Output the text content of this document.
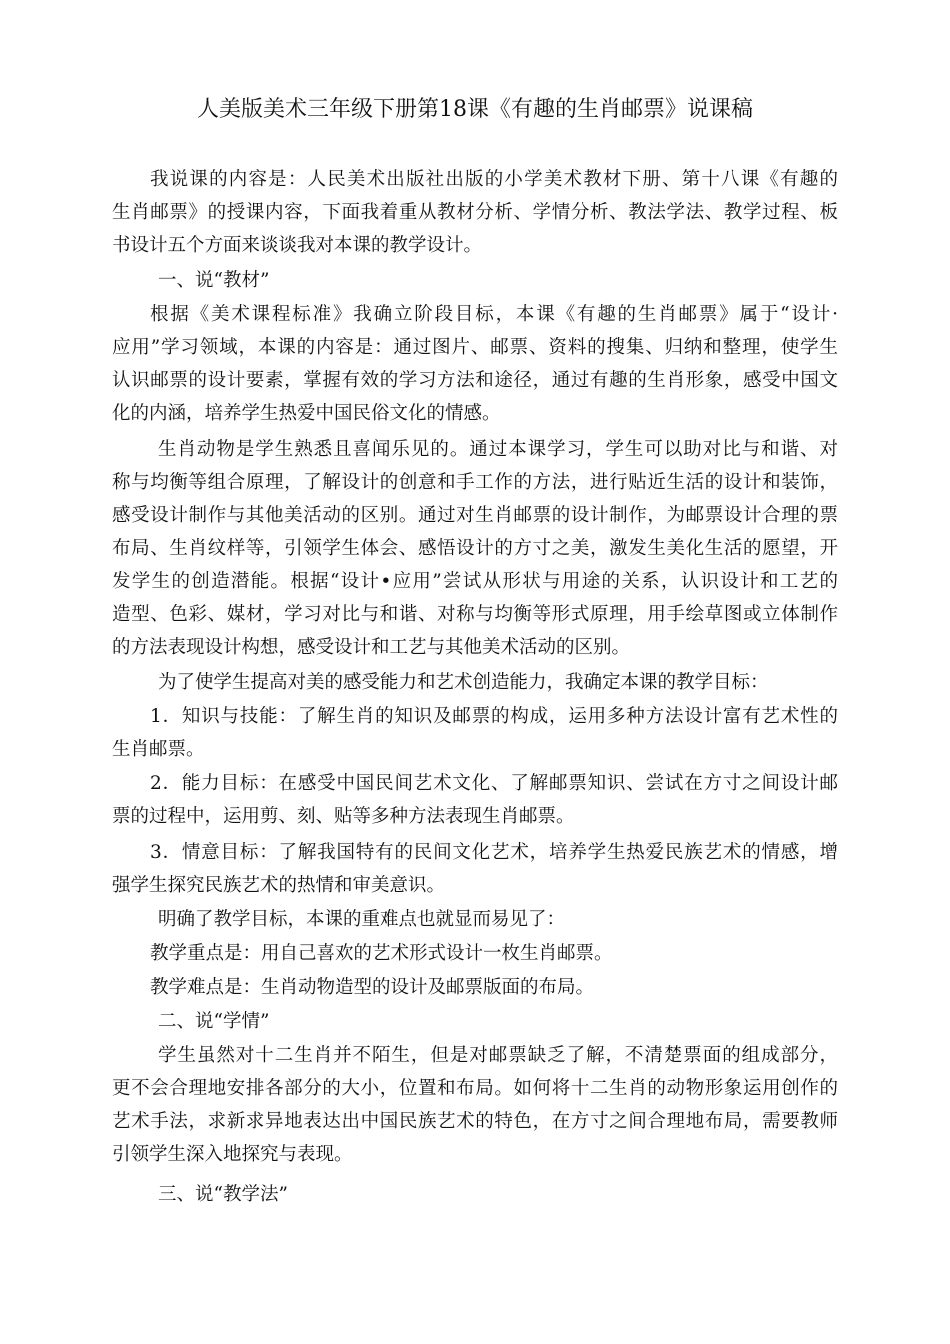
人美版美术三年级下册第18课《有趣的生肖邮票》说课稿
我说课的内容是：人民美术出版社出版的小学美术教材下册、第十八课《有趣的
生肖邮票》的授课内容，下面我着重从教材分析、学情分析、教法学法、教学过程、板
书设计五个方面来谈谈我对本课的教学设计。
一、说“教材”
根据《美术课程标准》我确立阶段目标，本课《有趣的生肖邮票》属于“设计·
应用”学习领域，本课的内容是：通过图片、邮票、资料的搜集、归纳和整理，使学生
认识邮票的设计要素，掌握有效的学习方法和途径，通过有趣的生肖形象，感受中国文
化的内涵，培养学生热爱中国民俗文化的情感。
生肖动物是学生熟悉且喜闻乐见的。通过本课学习，学生可以助对比与和谐、对
称与均衡等组合原理，了解设计的创意和手工作的方法，进行贴近生活的设计和装饰，
感受设计制作与其他美活动的区别。通过对生肖邮票的设计制作，为邮票设计合理的票
布局、生肖纹样等，引领学生体会、感悟设计的方寸之美，激发生美化生活的愿望，开
发学生的创造潜能。根据“设计•应用”尝试从形状与用途的关系，认识设计和工艺的
造型、色彩、媒材，学习对比与和谐、对称与均衡等形式原理，用手绘草图或立体制作
的方法表现设计构想，感受设计和工艺与其他美术活动的区别。
为了使学生提高对美的感受能力和艺术创造能力，我确定本课的教学目标：
1．知识与技能：了解生肖的知识及邮票的构成，运用多种方法设计富有艺术性的
生肖邮票。
2．能力目标：在感受中国民间艺术文化、了解邮票知识、尝试在方寸之间设计邮
票的过程中，运用剪、刻、贴等多种方法表现生肖邮票。
3．情意目标：了解我国特有的民间文化艺术，培养学生热爱民族艺术的情感，增
强学生探究民族艺术的热情和审美意识。
明确了教学目标，本课的重难点也就显而易见了：
教学重点是：用自己喜欢的艺术形式设计一枚生肖邮票。
教学难点是：生肖动物造型的设计及邮票版面的布局。
二、说“学情”
学生虽然对十二生肖并不陌生，但是对邮票缺乏了解，不清楚票面的组成部分，
更不会合理地安排各部分的大小，位置和布局。如何将十二生肖的动物形象运用创作的
艺术手法，求新求异地表达出中国民族艺术的特色，在方寸之间合理地布局，需要教师
引领学生深入地探究与表现。
三、说“教学法”
